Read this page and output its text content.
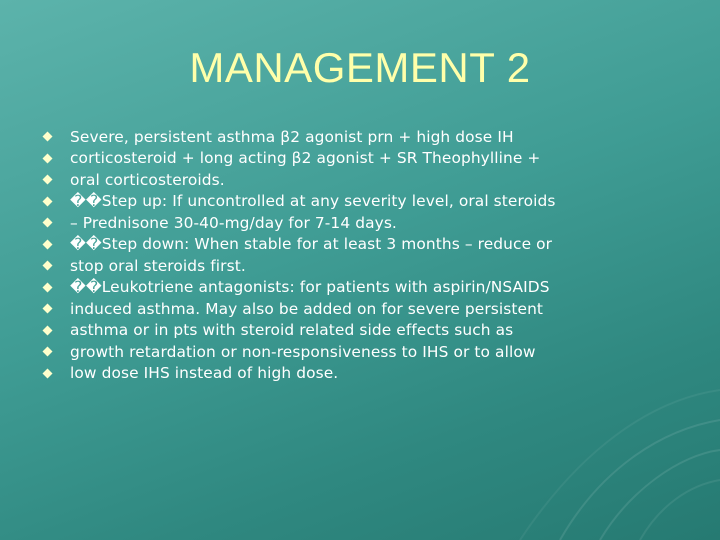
MANAGEMENT 2
Severe, persistent asthma β2 agonist prn + high dose IH
corticosteroid + long acting β2 agonist + SR Theophylline +
oral corticosteroids.
��Step up: If uncontrolled at any severity level, oral steroids
– Prednisone 30-40-mg/day for 7-14 days.
��Step down: When stable for at least 3 months – reduce or
stop oral steroids first.
��Leukotriene antagonists: for patients with aspirin/NSAIDS
induced asthma. May also be added on for severe persistent
asthma or in pts with steroid related side effects such as
growth retardation or non-responsiveness to IHS or to allow
low dose IHS instead of high dose.
